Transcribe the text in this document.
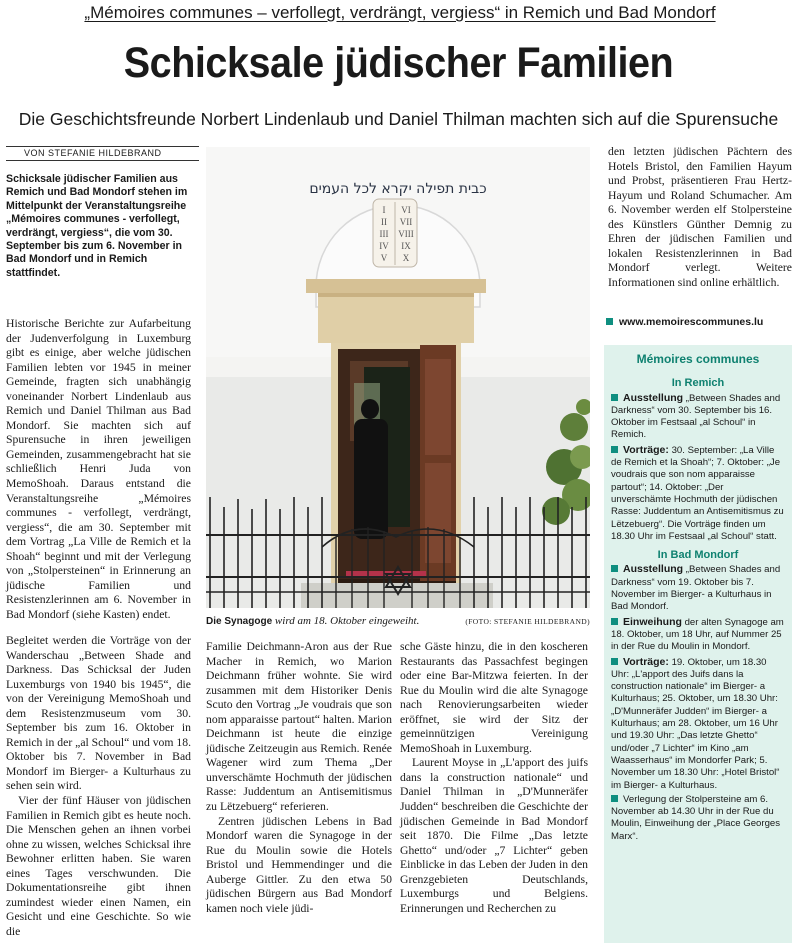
„Mémoires communes – verfollegt, verdrängt, vergiess“ in Remich und Bad Mondorf
Schicksale jüdischer Familien
Die Geschichtsfreunde Norbert Lindenlaub und Daniel Thilman machten sich auf die Spurensuche
VON STEFANIE HILDEBRAND
Schicksale jüdischer Familien aus Remich und Bad Mondorf stehen im Mittelpunkt der Veranstaltungsreihe „Mémoires communes - verfollegt, verdrängt, vergiess“, die vom 30. September bis zum 6. November in Bad Mondorf und in Remich stattfindet.

Historische Berichte zur Aufarbeitung der Judenverfolgung in Luxemburg gibt es einige, aber welche jüdischen Familien lebten vor 1945 in meiner Gemeinde, fragten sich unabhängig voneinander Norbert Lindenlaub aus Remich und Daniel Thilman aus Bad Mondorf. Sie machten sich auf Spurensuche in ihren jeweiligen Gemeinden, zusammengebracht hat sie schließlich Henri Juda von MemoShoah. Daraus entstand die Veranstaltungsreihe „Mémoires communes - verfollegt, verdrängt, vergiess“, die am 30. September mit dem Vortrag „La Ville de Remich et la Shoah“ beginnt und mit der Verlegung von „Stolpersteinen“ in Erinnerung an jüdische Familien und Resistenzlerinnen am 6. November in Bad Mondorf (siehe Kasten) endet.

Begleitet werden die Vorträge von der Wanderschau „Between Shade and Darkness. Das Schicksal der Juden Luxemburgs von 1940 bis 1945“, die von der Vereinigung MemoShoah und dem Resistenzmuseum vom 30. September bis zum 16. Oktober in Remich in der „al Schoul“ und vom 18. Oktober bis 7. November in Bad Mondorf im Bierger- a Kulturhaus zu sehen sein wird.

Vier der fünf Häuser von jüdischen Familien in Remich gibt es heute noch. Die Menschen gehen an ihnen vorbei ohne zu wissen, welches Schicksal ihre Bewohner erlitten haben. Sie waren eines Tages verschwunden. Die Dokumentationsreihe gibt ihnen zumindest wieder einen Namen, ein Gesicht und eine Geschichte. So wie die

Familie Deichmann-Aron aus der Rue Macher in Remich, wo Marion Deichmann früher wohnte. Sie wird zusammen mit dem Historiker Denis Scuto den Vortrag „Je voudrais que son nom apparaisse partout“ halten. Marion Deichmann ist heute die einzige jüdische Zeitzeugin aus Remich. Renée Wagener wird zum Thema „Der unverschämte Hochmuth der jüdischen Rasse: Juddentum an Antisemitismus zu Lëtzebuerg“ referieren.

Zentren jüdischen Lebens in Bad Mondorf waren die Synagoge in der Rue du Moulin sowie die Hotels Bristol und Hemmendinger und die Auberge Gittler. Zu den etwa 50 jüdischen Bürgern aus Bad Mondorf kamen noch viele jüdi-

sche Gäste hinzu, die in den koscheren Restaurants das Passachfest begingen oder eine Bar-Mitzwa feierten. In der Rue du Moulin wird die alte Synagoge nach Renovierungsarbeiten wieder eröffnet, sie wird der Sitz der gemeinnützigen Vereinigung MemoShoah in Luxemburg.

Laurent Moyse in „L'apport des juifs dans la construction nationale“ und Daniel Thilman in „D'Munneräfer Judden“ beschreiben die Geschichte der jüdischen Gemeinde in Bad Mondorf seit 1870. Die Filme „Das letzte Ghetto“ und/oder „7 Lichter“ geben Einblicke in das Leben der Juden in den Grenzgebieten Deutschlands, Luxemburgs und Belgiens. Erinnerungen und Recherchen zu

den letzten jüdischen Pächtern des Hotels Bristol, den Familien Hayum und Probst, präsentieren Frau Hertz-Hayum und Roland Schumacher. Am 6. November werden elf Stolpersteine des Künstlers Günther Demnig zu Ehren der jüdischen Familien und lokalen Resistenzlerinnen in Bad Mondorf verlegt. Weitere Informationen sind online erhältlich.

www.memoirescommunes.lu
כבית תפילה יקרא לכל העמים
I
II
III
IV
V
VI
VII
VIII
IX
X
Die Synagoge wird am 18. Oktober eingeweiht.	(FOTO: STEFANIE HILDEBRAND)
Mémoires communes
In Remich
Ausstellung „Between Shades and Darkness“ vom 30. September bis 16. Oktober im Festsaal „al Schoul“ in Remich.
Vorträge: 30. September: „La Ville de Remich et la Shoah“; 7. Oktober: „Je voudrais que son nom apparaisse partout“; 14. Oktober: „Der unverschämte Hochmuth der jüdischen Rasse: Juddentum an Antisemitismus zu Lëtzebuerg“. Die Vorträge finden um 18.30 Uhr im Festsaal „al Schoul“ statt.
In Bad Mondorf
Ausstellung „Between Shades and Darkness“ vom 19. Oktober bis 7. November im Bierger- a Kulturhaus in Bad Mondorf.
Einweihung der alten Synagoge am 18. Oktober, um 18 Uhr, auf Nummer 25 in der Rue du Moulin in Mondorf.
Vorträge: 19. Oktober, um 18.30 Uhr: „L'apport des Juifs dans la construction nationale“ im Bierger- a Kulturhaus; 25. Oktober, um 18.30 Uhr: „D'Munneräfer Judden“ im Bierger- a Kulturhaus; am 28. Oktober, um 16 Uhr und 19.30 Uhr: „Das letzte Ghetto“ und/oder „7 Lichter“ im Kino „am Waasserhaus“ im Mondorfer Park; 5. November um 18.30 Uhr: „Hotel Bristol“ im Bierger- a Kulturhaus.
Verlegung der Stolpersteine am 6. November ab 14.30 Uhr in der Rue du Moulin, Einweihung der „Place Georges Marx“.
